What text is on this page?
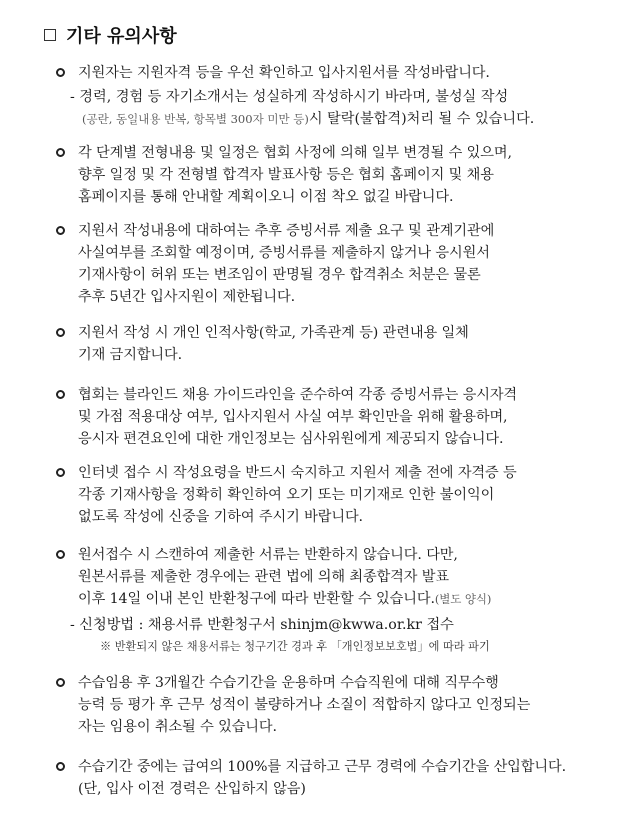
기타 유의사항
지원자는 지원자격 등을 우선 확인하고 입사지원서를 작성바랍니다.
- 경력, 경험 등 자기소개서는 성실하게 작성하시기 바라며, 불성실 작성
(공란, 동일내용 반복, 항목별 300자 미만 등)시 탈락(불합격)처리 될 수 있습니다.
각 단계별 전형내용 및 일정은 협회 사정에 의해 일부 변경될 수 있으며,
향후 일정 및 각 전형별 합격자 발표사항 등은 협회 홈페이지 및 채용
홈페이지를 통해 안내할 계획이오니 이점 착오 없길 바랍니다.
지원서 작성내용에 대하여는 추후 증빙서류 제출 요구 및 관계기관에
사실여부를 조회할 예정이며, 증빙서류를 제출하지 않거나 응시원서
기재사항이 허위 또는 변조임이 판명될 경우 합격취소 처분은 물론
추후 5년간 입사지원이 제한됩니다.
지원서 작성 시 개인 인적사항(학교, 가족관계 등) 관련내용 일체
기재 금지합니다.
협회는 블라인드 채용 가이드라인을 준수하여 각종 증빙서류는 응시자격
및 가점 적용대상 여부, 입사지원서 사실 여부 확인만을 위해 활용하며,
응시자 편견요인에 대한 개인정보는 심사위원에게 제공되지 않습니다.
인터넷 접수 시 작성요령을 반드시 숙지하고 지원서 제출 전에 자격증 등
각종 기재사항을 정확히 확인하여 오기 또는 미기재로 인한 불이익이
없도록 작성에 신중을 기하여 주시기 바랍니다.
원서접수 시 스캔하여 제출한 서류는 반환하지 않습니다. 다만,
원본서류를 제출한 경우에는 관련 법에 의해 최종합격자 발표
이후 14일 이내 본인 반환청구에 따라 반환할 수 있습니다.(별도 양식)
- 신청방법 : 채용서류 반환청구서 shinjm@kwwa.or.kr 접수
※ 반환되지 않은 채용서류는 청구기간 경과 후 「개인정보보호법」에 따라 파기
수습임용 후 3개월간 수습기간을 운용하며 수습직원에 대해 직무수행
능력 등 평가 후 근무 성적이 불량하거나 소질이 적합하지 않다고 인정되는
자는 임용이 취소될 수 있습니다.
수습기간 중에는 급여의 100%를 지급하고 근무 경력에 수습기간을 산입합니다.
(단, 입사 이전 경력은 산입하지 않음)
